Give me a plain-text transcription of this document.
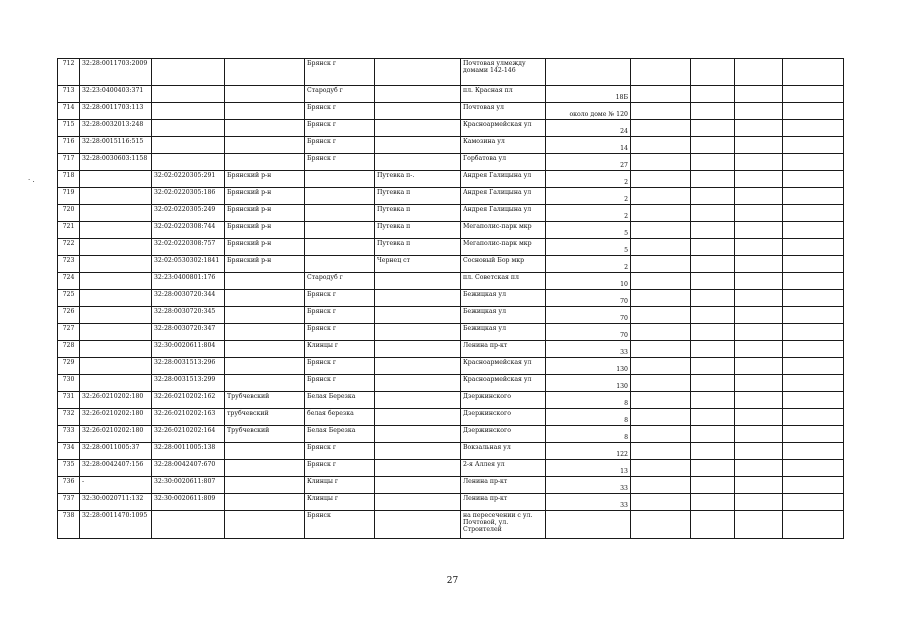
712	32:28:0011703:2009			Брянск г		Почтовая улмежду домами 142-146					
713	32:23:0400403:371			Стародуб г		пл. Красная пл	18Б				
714	32:28:0011703:113			Брянск г		Почтовая ул	около доме № 120				
715	32:28:0032013:248			Брянск г		Красноармейская ул	24				
716	32:28:0015116:515			Брянск г		Камозина ул	14				
717	32:28:0030603:1158			Брянск г		Горбатова ул	27				
718		32:02:0220305:291	Брянский р-н		Путевка п-.	Андрея Галицына ул	2				
719		32:02:0220305:186	Брянский р-н		Путевка п	Андрея Галицына ул	2				
720		32:02:0220305:249	Брянский р-н		Путевка п	Андрея Галицына ул	2				
721		32:02:0220308:744	Брянский р-н		Путевка п	Мегаполис-парк мкр	5				
722		32:02:0220308:757	Брянский р-н		Путевка п	Мегаполис-парк мкр	5				
723		32:02:0530302:1841	Брянский р-н		Чернец ст	Сосновый Бор мкр	2				
724		32:23:0400801:176		Стародуб г		пл. Советская пл	10				
725		32:28:0030720:344		Брянск г		Бежицкая ул	70				
726		32:28:0030720:345		Брянск г		Бежицкая ул	70				
727		32:28:0030720:347		Брянск г		Бежицкая ул	70				
728		32:30:0020611:804		Клинцы г		Ленина пр-кт	33				
729		32:28:0031513:296		Брянск г		Красноармейская ул	130				
730		32:28:0031513:299		Брянск г		Красноармейская ул	130				
731	32:26:0210202:180	32:26:0210202:162	Трубчевский	Белая Березка		Дзержинского	8				
732	32:26:0210202:180	32:26:0210202:163	трубчевский	белая березка		Дзержинского	8				
733	32:26:0210202:180	32:26:0210202:164	Трубчевский	Белая Березка		Дзержинского	8				
734	32:28:0011005:37	32:28:0011005:138		Брянск г		Вокзальная ул	122				
735	32:28:0042407:156	32:28:0042407:670		Брянск г		2-я Аллея ул	13				
736	-	32:30:0020611:807		Клинцы г		Ленина пр-кт	33				
737	32:30:0020711:132	32:30:0020611:809		Клинцы г		Ленина пр-кт	33				
738	32:28:0011470:1095			Брянск		на пересечении с ул. Почтовой, ул. Строителей					
· .
27
